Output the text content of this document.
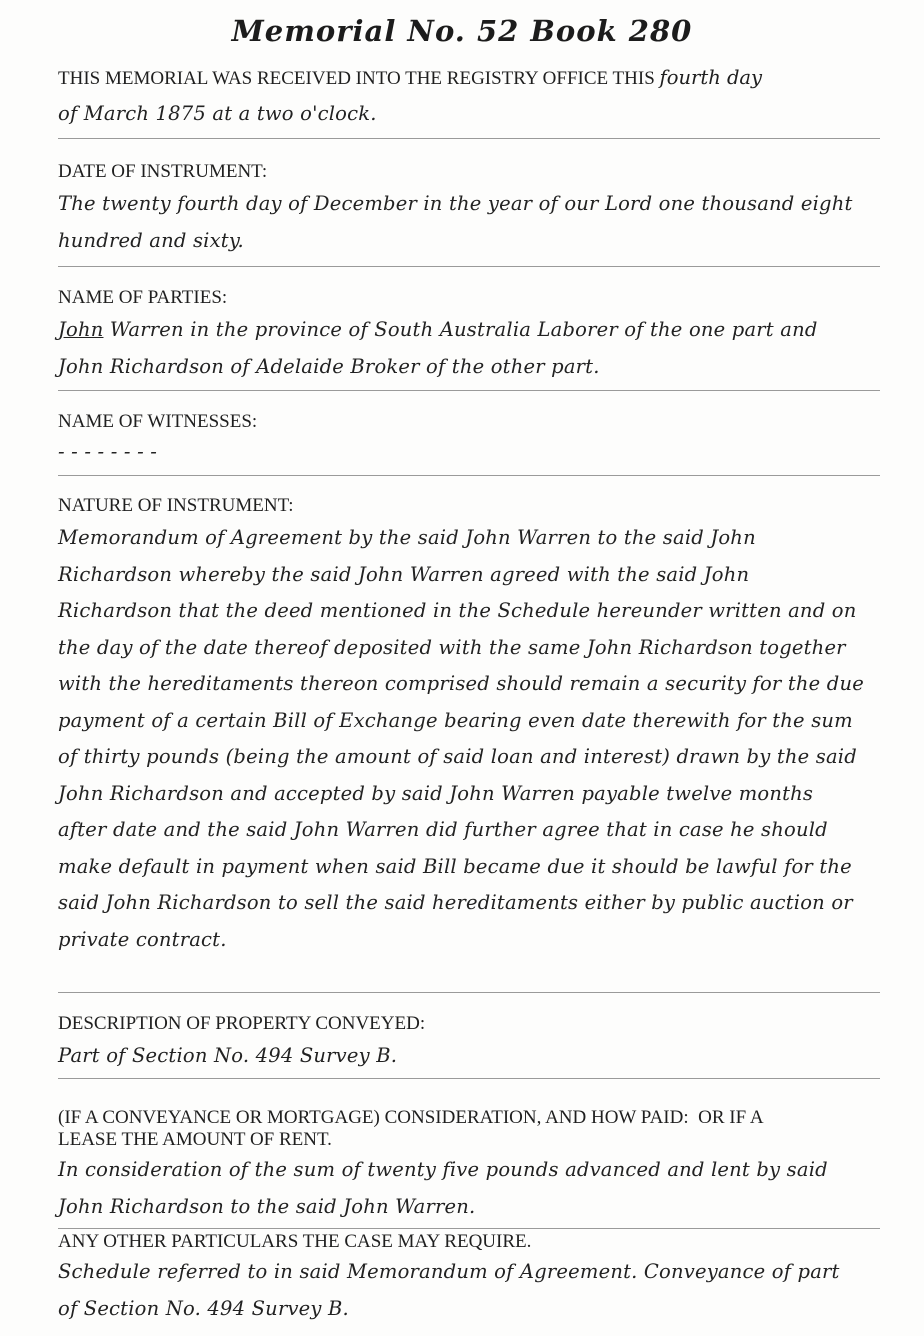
Memorial No. 52 Book 280
THIS MEMORIAL WAS RECEIVED INTO THE REGISTRY OFFICE THIS fourth day
of March 1875 at a two o'clock.
DATE OF INSTRUMENT:
The twenty fourth day of December in the year of our Lord one thousand eight
hundred and sixty.
NAME OF PARTIES:
John Warren in the province of South Australia Laborer of the one part and
John Richardson of Adelaide Broker of the other part.
NAME OF WITNESSES:
- - - - - - - -
NATURE OF INSTRUMENT:
Memorandum of Agreement by the said John Warren to the said John
Richardson whereby the said John Warren agreed with the said John
Richardson that the deed mentioned in the Schedule hereunder written and on
the day of the date thereof deposited with the same John Richardson together
with the hereditaments thereon comprised should remain a security for the due
payment of a certain Bill of Exchange bearing even date therewith for the sum
of thirty pounds (being the amount of said loan and interest) drawn by the said
John Richardson and accepted by said John Warren payable twelve months
after date and the said John Warren did further agree that in case he should
make default in payment when said Bill became due it should be lawful for the
said John Richardson to sell the said hereditaments either by public auction or
private contract.
DESCRIPTION OF PROPERTY CONVEYED:
Part of Section No. 494 Survey B.
(IF A CONVEYANCE OR MORTGAGE) CONSIDERATION, AND HOW PAID:  OR IF A
LEASE THE AMOUNT OF RENT.
In consideration of the sum of twenty five pounds advanced and lent by said
John Richardson to the said John Warren.
ANY OTHER PARTICULARS THE CASE MAY REQUIRE.
Schedule referred to in said Memorandum of Agreement. Conveyance of part
of Section No. 494 Survey B.
